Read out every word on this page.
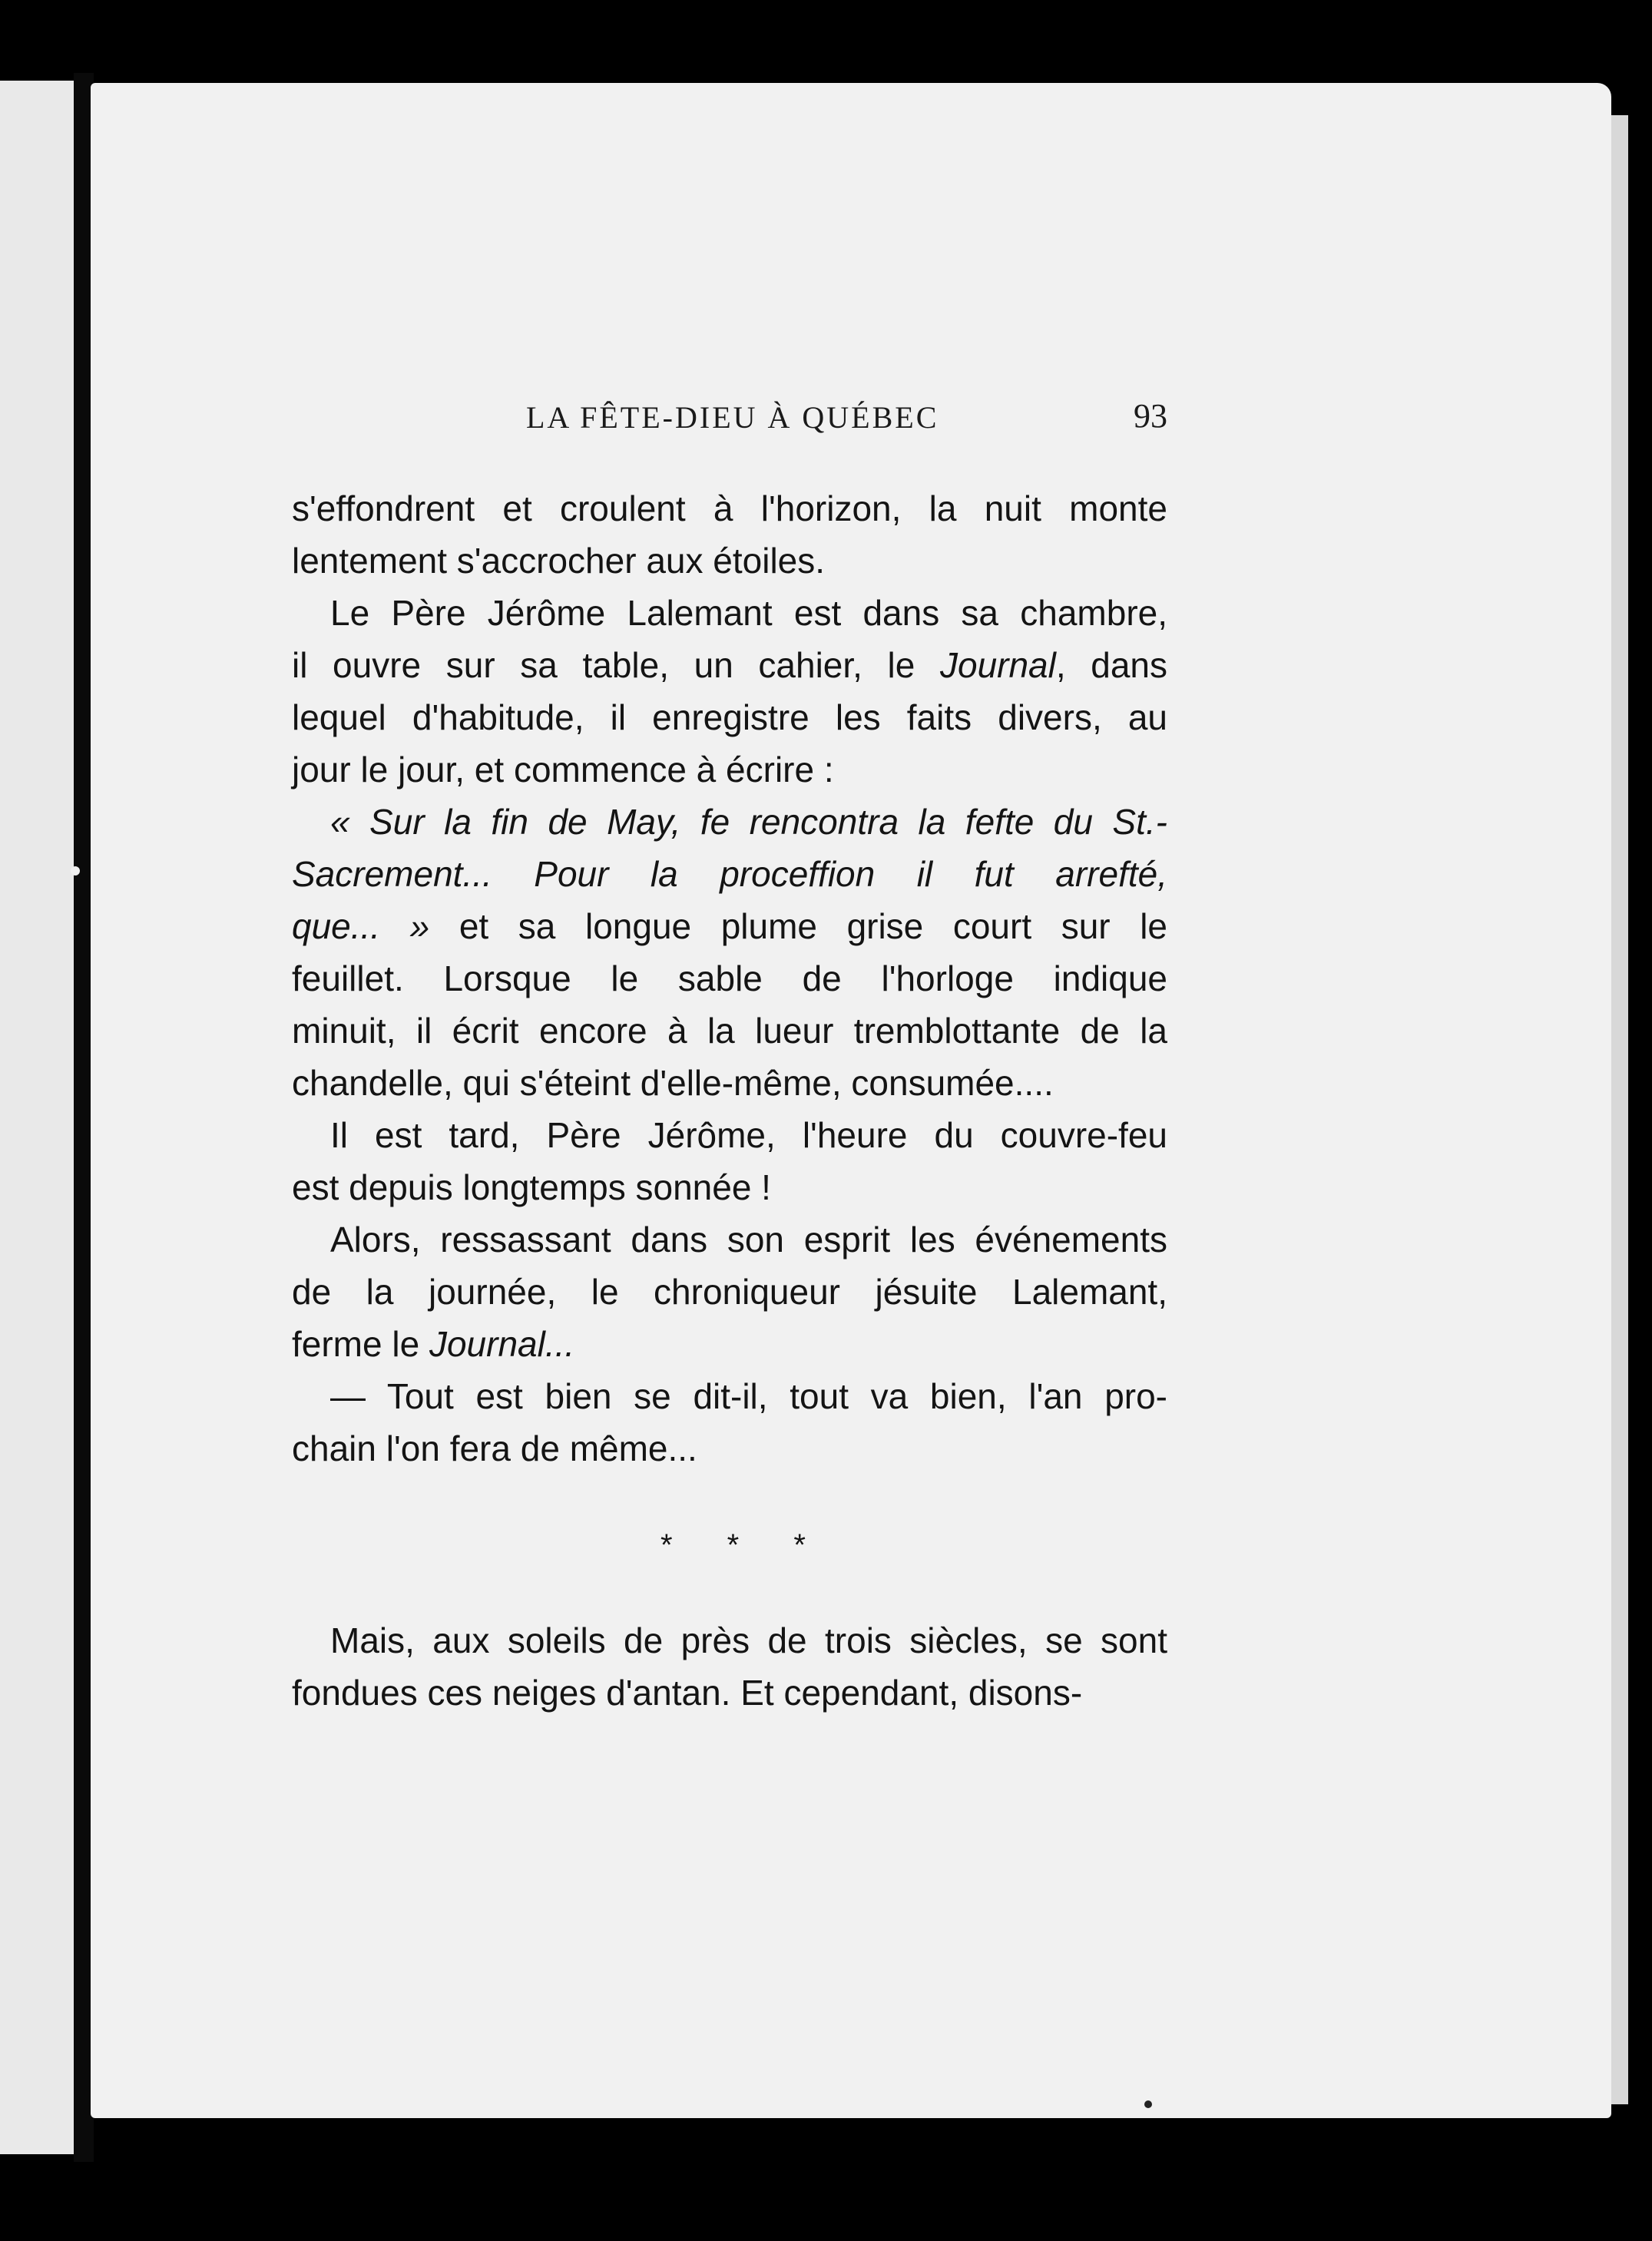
LA FÊTE-DIEU À QUÉBEC	93
s'effondrent et croulent à l'horizon, la nuit monte
lentement s'accrocher aux étoiles.
Le Père Jérôme Lalemant est dans sa chambre,
il ouvre sur sa table, un cahier, le Journal, dans
lequel d'habitude, il enregistre les faits divers, au
jour le jour, et commence à écrire :
« Sur la fin de May, fe rencontra la fefte du St.-
Sacrement... Pour la proceffion il fut arrefté,
que... » et sa longue plume grise court sur le
feuillet. Lorsque le sable de l'horloge indique
minuit, il écrit encore à la lueur tremblottante de la
chandelle, qui s'éteint d'elle-même, consumée....
Il est tard, Père Jérôme, l'heure du couvre-feu
est depuis longtemps sonnée !
Alors, ressassant dans son esprit les événements
de la journée, le chroniqueur jésuite Lalemant,
ferme le Journal...
— Tout est bien se dit-il, tout va bien, l'an pro-
chain l'on fera de même...
* * *
Mais, aux soleils de près de trois siècles, se sont
fondues ces neiges d'antan. Et cependant, disons-
